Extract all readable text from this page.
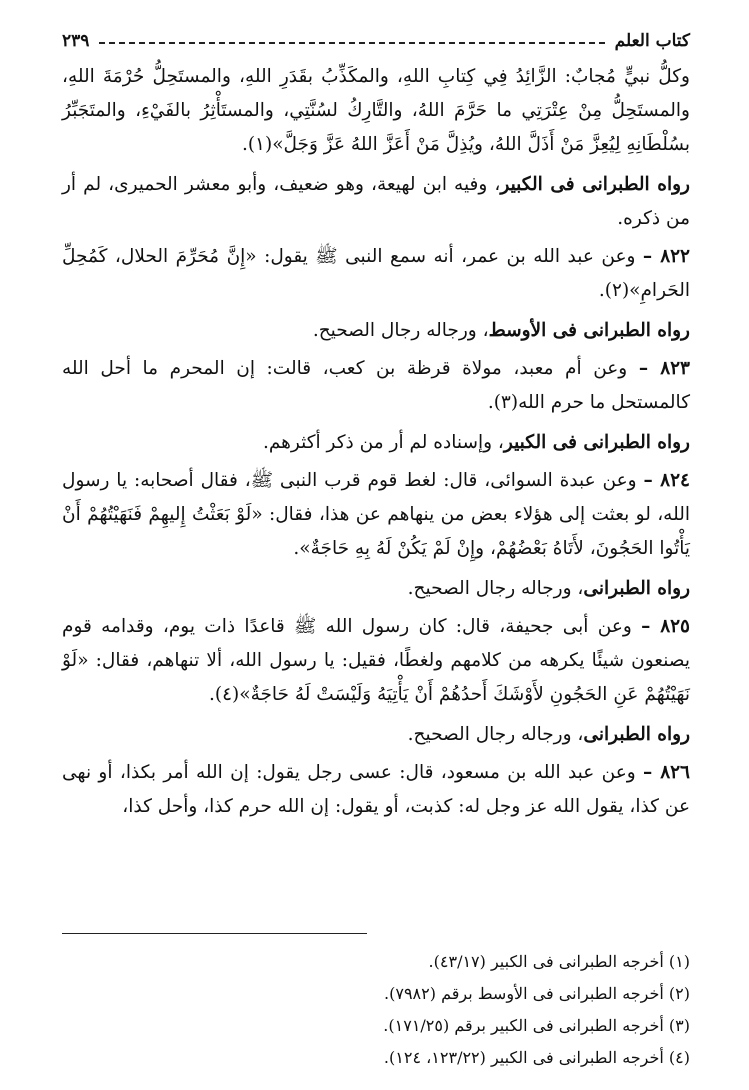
كتاب العلم
٢٣٩

وكلُّ نبيٍّ مُجابٌ: الزَّائِدُ فِي كِتابِ اللهِ، والمكَذِّبُ بقَدَرِ اللهِ، والمستَحِلُّ حُرْمَةَ اللهِ، والمستَحِلُّ مِنْ عِتْرَتِي ما حَرَّمَ اللهُ، والتَّارِكُ لسُنَّتِي، والمستَأْثِرُ بالفَيْءِ، والمتَجَبِّرُ بسُلْطَانِهِ لِيُعِزَّ مَنْ أَذَلَّ اللهُ، ويُذِلَّ مَنْ أَعَزَّ اللهُ عَزَّ وَجَلَّ»(١).

رواه الطبرانى فى الكبير، وفيه ابن لهيعة، وهو ضعيف، وأبو معشر الحميرى، لم أر من ذكره.

٨٢٢ – وعن عبد الله بن عمر، أنه سمع النبى ﷺ يقول: «إِنَّ مُحَرِّمَ الحلال، كَمُحِلِّ الحَرامِ»(٢).

رواه الطبرانى فى الأوسط، ورجاله رجال الصحيح.

٨٢٣ – وعن أم معبد، مولاة قرظة بن كعب، قالت: إن المحرم ما أحل الله كالمستحل ما حرم الله(٣).

رواه الطبرانى فى الكبير، وإسناده لم أر من ذكر أكثرهم.

٨٢٤ – وعن عبدة السوائى، قال: لغط قوم قرب النبى ﷺ، فقال أصحابه: يا رسول الله، لو بعثت إلى هؤلاء بعض من ينهاهم عن هذا، فقال: «لَوْ بَعَثْتُ إِليهِمْ فَنَهَيْتُهُمْ أَنْ يَأْتُوا الحَجُونَ، لأَتَاهُ بَعْضُهُمْ، وإِنْ لَمْ يَكُنْ لَهُ بِهِ حَاجَةٌ».

رواه الطبرانى، ورجاله رجال الصحيح.

٨٢٥ – وعن أبى جحيفة، قال: كان رسول الله ﷺ قاعدًا ذات يوم، وقدامه قوم يصنعون شيئًا يكرهه من كلامهم ولغطًا، فقيل: يا رسول الله، ألا تنهاهم، فقال: «لَوْ نَهَيْتُهُمْ عَنِ الحَجُونِ لأَوْشَكَ أَحدُهُمْ أَنْ يَأْتِيَهُ وَلَيْسَتْ لَهُ حَاجَةٌ»(٤).

رواه الطبرانى، ورجاله رجال الصحيح.

٨٢٦ – وعن عبد الله بن مسعود، قال: عسى رجل يقول: إن الله أمر بكذا، أو نهى عن كذا، يقول الله عز وجل له: كذبت، أو يقول: إن الله حرم كذا، وأحل كذا،

(١) أخرجه الطبرانى فى الكبير (٤٣/١٧).
(٢) أخرجه الطبرانى فى الأوسط برقم (٧٩٨٢).
(٣) أخرجه الطبرانى فى الكبير برقم (١٧١/٢٥).
(٤) أخرجه الطبرانى فى الكبير (١٢٣/٢٢، ١٢٤).
